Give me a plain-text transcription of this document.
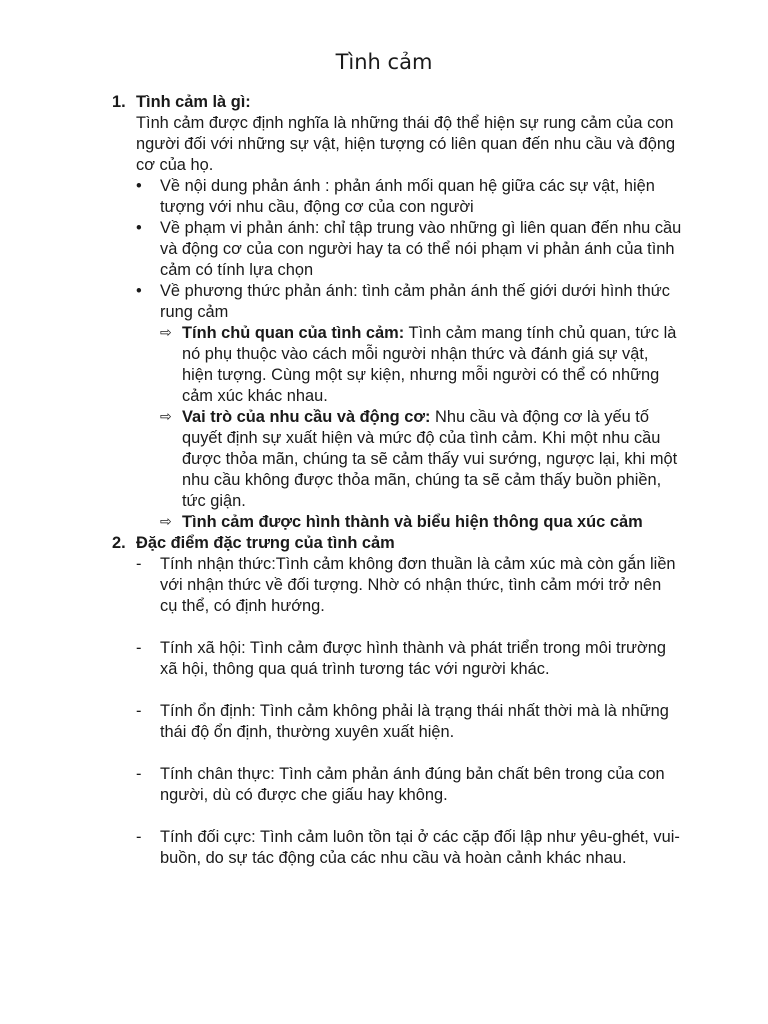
Tình cảm
1. Tình cảm là gì:

Tình cảm được định nghĩa là những thái độ thể hiện sự rung cảm của con người đối với những sự vật, hiện tượng có liên quan đến nhu cầu và động cơ của họ.

•	Về nội dung phản ánh : phản ánh mối quan hệ giữa các sự vật, hiện tượng với nhu cầu, động cơ của con người
•	Về phạm vi phản ánh: chỉ tập trung vào những gì liên quan đến nhu cầu và động cơ của con người hay ta có thể nói phạm vi phản ánh của tình cảm có tính lựa chọn
•	Về phương thức phản ánh: tình cảm phản ánh thế giới dưới hình thức rung cảm
⇨ Tính chủ quan của tình cảm: Tình cảm mang tính chủ quan, tức là nó phụ thuộc vào cách mỗi người nhận thức và đánh giá sự vật, hiện tượng. Cùng một sự kiện, nhưng mỗi người có thể có những cảm xúc khác nhau.
⇨ Vai trò của nhu cầu và động cơ: Nhu cầu và động cơ là yếu tố quyết định sự xuất hiện và mức độ của tình cảm. Khi một nhu cầu được thỏa mãn, chúng ta sẽ cảm thấy vui sướng, ngược lại, khi một nhu cầu không được thỏa mãn, chúng ta sẽ cảm thấy buồn phiền, tức giận.
⇨ Tình cảm được hình thành và biểu hiện thông qua xúc cảm
2. Đặc điểm đặc trưng của tình cảm
-	Tính nhận thức:Tình cảm không đơn thuần là cảm xúc mà còn gắn liền với nhận thức về đối tượng. Nhờ có nhận thức, tình cảm mới trở nên cụ thể, có định hướng.
-	Tính xã hội: Tình cảm được hình thành và phát triển trong môi trường xã hội, thông qua quá trình tương tác với người khác.
-	Tính ổn định: Tình cảm không phải là trạng thái nhất thời mà là những thái độ ổn định, thường xuyên xuất hiện.
-	Tính chân thực: Tình cảm phản ánh đúng bản chất bên trong của con người, dù có được che giấu hay không.
-	Tính đối cực: Tình cảm luôn tồn tại ở các cặp đối lập như yêu-ghét, vui-buồn, do sự tác động của các nhu cầu và hoàn cảnh khác nhau.
